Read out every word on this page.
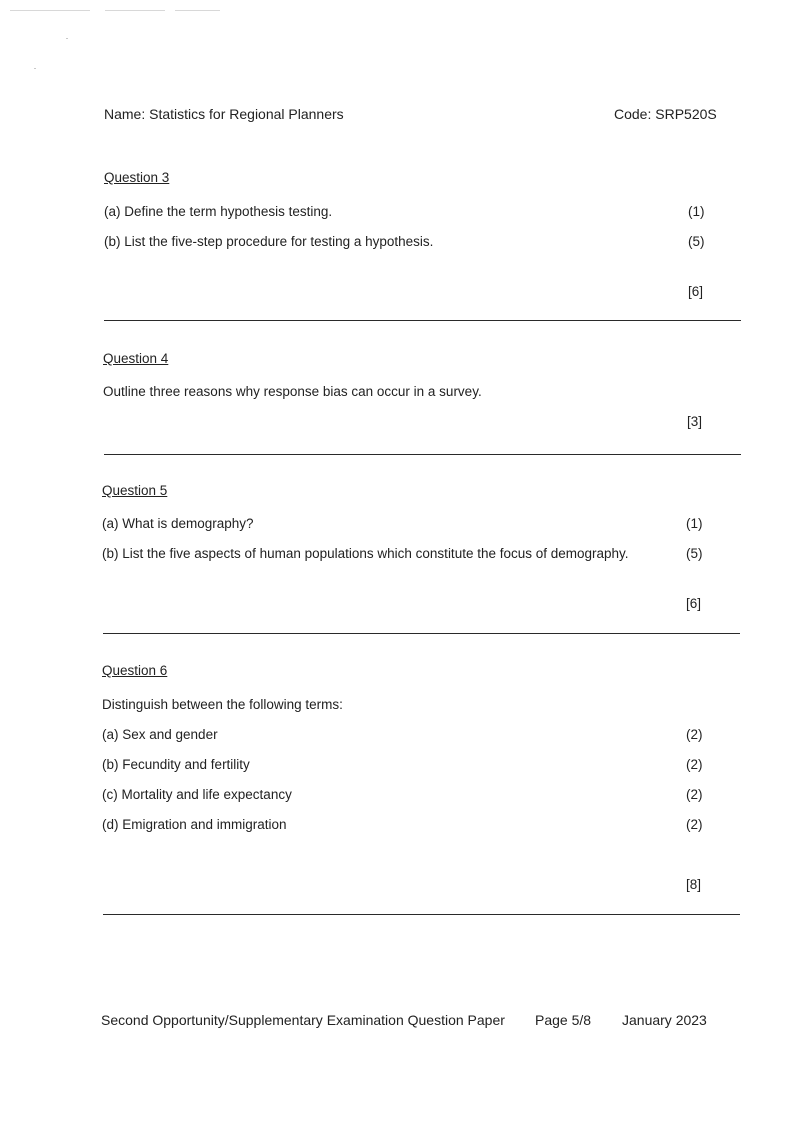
Name: Statistics for Regional Planners	Code: SRP520S
Question 3
(a) Define the term hypothesis testing.	(1)
(b) List the five-step procedure for testing a hypothesis.	(5)
[6]
Question 4
Outline three reasons why response bias can occur in a survey.
[3]
Question 5
(a) What is demography?	(1)
(b) List the five aspects of human populations which constitute the focus of demography.	(5)
[6]
Question 6
Distinguish between the following terms:
(a) Sex and gender	(2)
(b) Fecundity and fertility	(2)
(c) Mortality and life expectancy	(2)
(d) Emigration and immigration	(2)
[8]
Second Opportunity/Supplementary Examination Question Paper Page 5/8 January 2023
